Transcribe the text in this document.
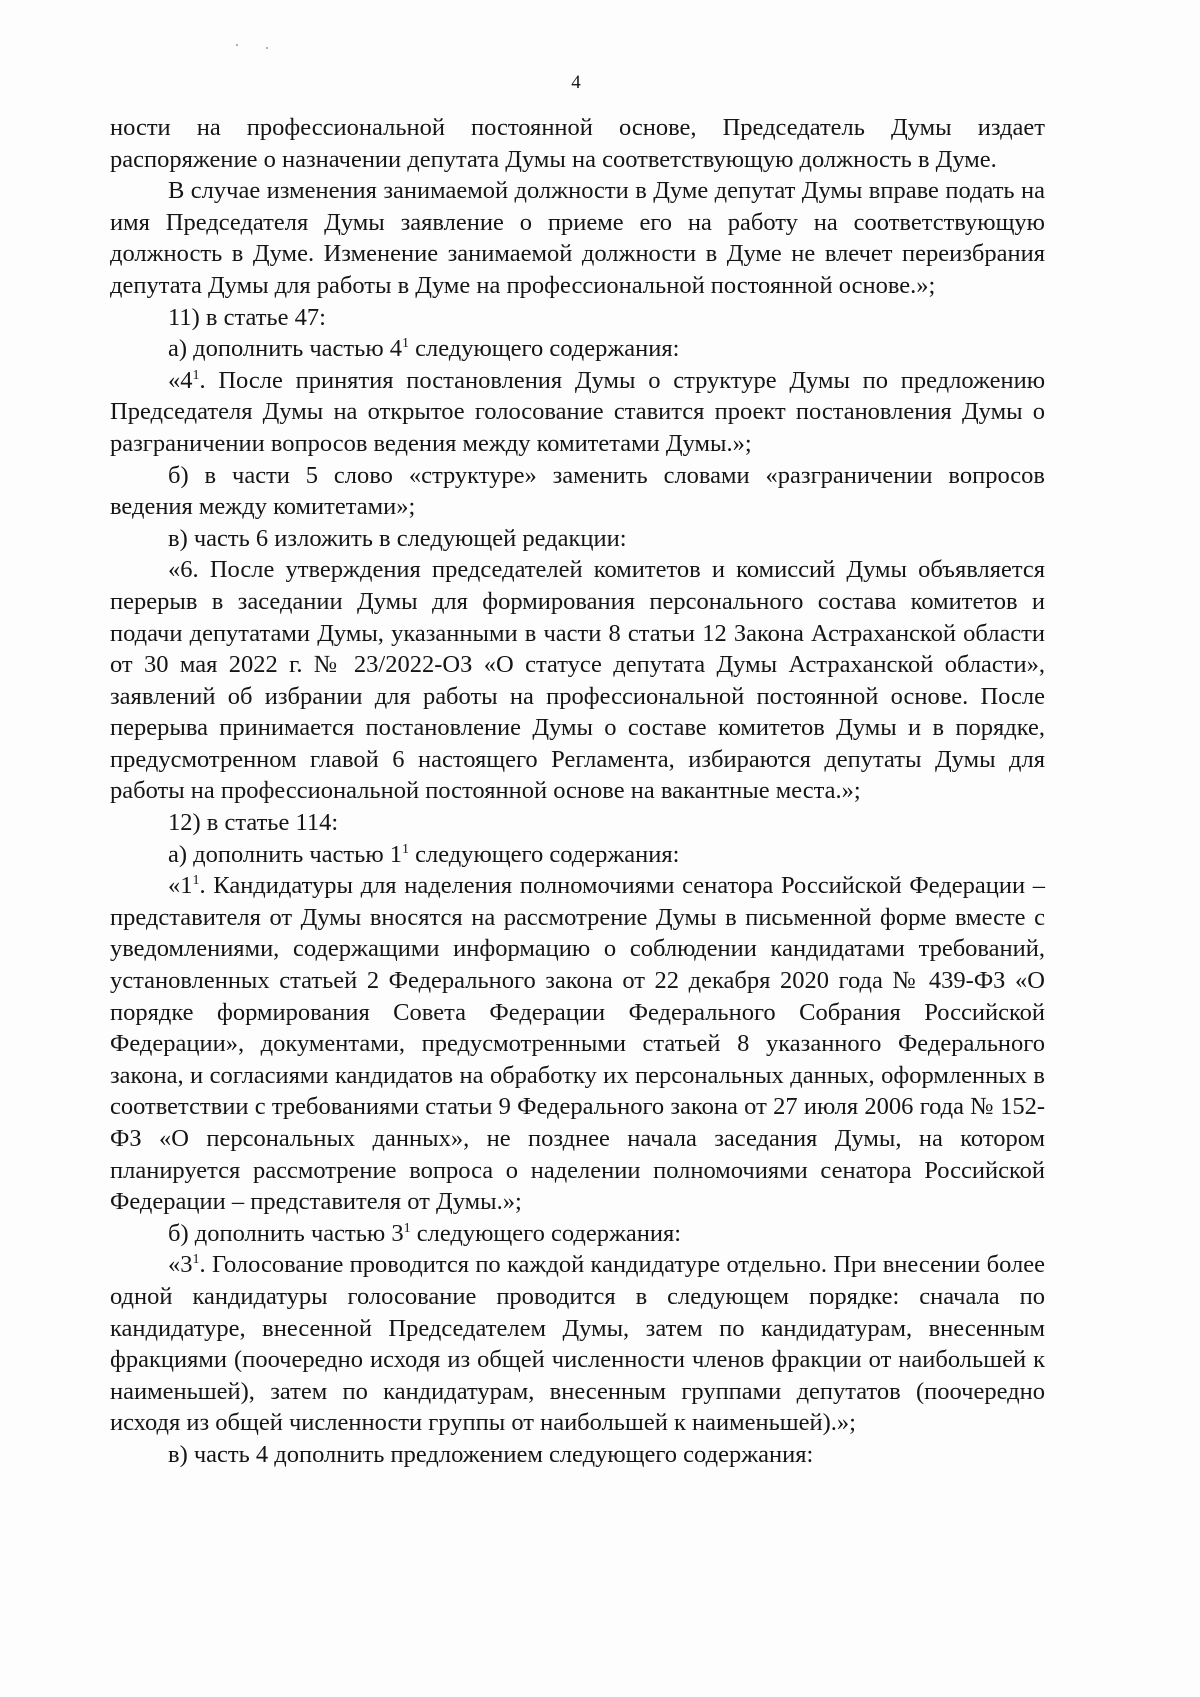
4

ности на профессиональной постоянной основе, Председатель Думы издает распоряжение о назначении депутата Думы на соответствующую должность в Думе.

В случае изменения занимаемой должности в Думе депутат Думы вправе подать на имя Председателя Думы заявление о приеме его на работу на соответствующую должность в Думе. Изменение занимаемой должности в Думе не влечет переизбрания депутата Думы для работы в Думе на профессиональной постоянной основе.»;

11) в статье 47:

а) дополнить частью $4^1$ следующего содержания:

«$4^1$. После принятия постановления Думы о структуре Думы по предложению Председателя Думы на открытое голосование ставится проект постановления Думы о разграничении вопросов ведения между комитетами Думы.»;

б) в части 5 слово «структуре» заменить словами «разграничении вопросов ведения между комитетами»;

в) часть 6 изложить в следующей редакции:

«6. После утверждения председателей комитетов и комиссий Думы объявляется перерыв в заседании Думы для формирования персонального состава комитетов и подачи депутатами Думы, указанными в части 8 статьи 12 Закона Астраханской области от 30 мая 2022 г. № 23/2022-ОЗ «О статусе депутата Думы Астраханской области», заявлений об избрании для работы на профессиональной постоянной основе. После перерыва принимается постановление Думы о составе комитетов Думы и в порядке, предусмотренном главой 6 настоящего Регламента, избираются депутаты Думы для работы на профессиональной постоянной основе на вакантные места.»;

12) в статье 114:

а) дополнить частью $1^1$ следующего содержания:

«$1^1$. Кандидатуры для наделения полномочиями сенатора Российской Федерации – представителя от Думы вносятся на рассмотрение Думы в письменной форме вместе с уведомлениями, содержащими информацию о соблюдении кандидатами требований, установленных статьей 2 Федерального закона от 22 декабря 2020 года № 439-ФЗ «О порядке формирования Совета Федерации Федерального Собрания Российской Федерации», документами, предусмотренными статьей 8 указанного Федерального закона, и согласиями кандидатов на обработку их персональных данных, оформленных в соответствии с требованиями статьи 9 Федерального закона от 27 июля 2006 года № 152-ФЗ «О персональных данных», не позднее начала заседания Думы, на котором планируется рассмотрение вопроса о наделении полномочиями сенатора Российской Федерации – представителя от Думы.»;

б) дополнить частью $3^1$ следующего содержания:

«$3^1$. Голосование проводится по каждой кандидатуре отдельно. При внесении более одной кандидатуры голосование проводится в следующем порядке: сначала по кандидатуре, внесенной Председателем Думы, затем по кандидатурам, внесенным фракциями (поочередно исходя из общей численности членов фракции от наибольшей к наименьшей), затем по кандидатурам, внесенным группами депутатов (поочередно исходя из общей численности группы от наибольшей к наименьшей).»;

в) часть 4 дополнить предложением следующего содержания:
